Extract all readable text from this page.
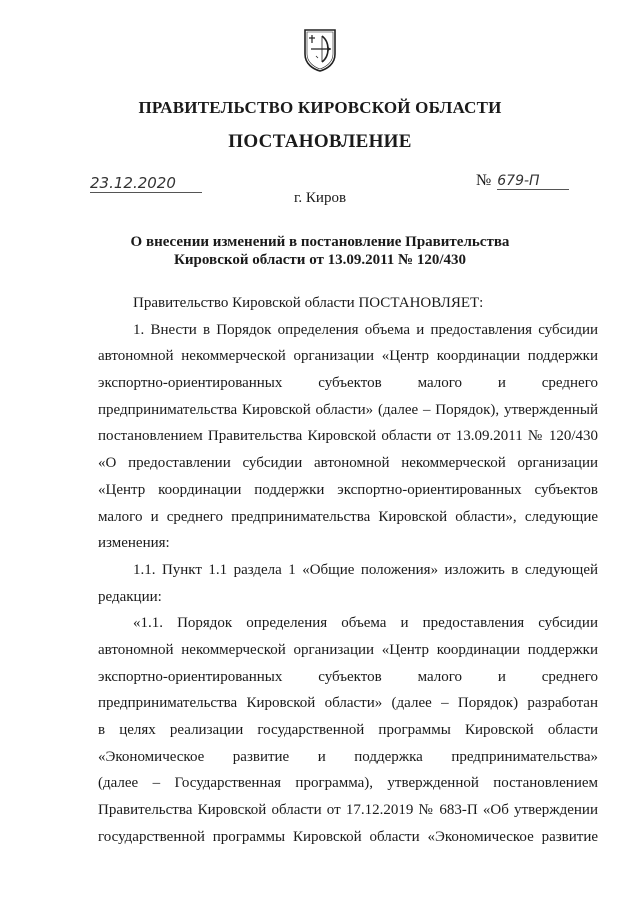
ПРАВИТЕЛЬСТВО КИРОВСКОЙ ОБЛАСТИ
ПОСТАНОВЛЕНИЕ
23.12.2020	№ 679-П
г. Киров
О внесении изменений в постановление Правительства
Кировской области от 13.09.2011 № 120/430
Правительство Кировской области ПОСТАНОВЛЯЕТ:
1. Внести в Порядок определения объема и предоставления субсидии
автономной некоммерческой организации «Центр координации поддержки
экспортно-ориентированных субъектов малого и среднего
предпринимательства Кировской области» (далее – Порядок), утвержденный
постановлением Правительства Кировской области от 13.09.2011 № 120/430
«О предоставлении субсидии автономной некоммерческой организации
«Центр координации поддержки экспортно-ориентированных субъектов
малого и среднего предпринимательства Кировской области», следующие
изменения:
1.1. Пункт 1.1 раздела 1 «Общие положения» изложить в следующей
редакции:
«1.1. Порядок определения объема и предоставления субсидии
автономной некоммерческой организации «Центр координации поддержки
экспортно-ориентированных субъектов малого и среднего
предпринимательства Кировской области» (далее – Порядок) разработан
в целях реализации государственной программы Кировской области
«Экономическое развитие и поддержка предпринимательства»
(далее – Государственная программа), утвержденной постановлением
Правительства Кировской области от 17.12.2019 № 683-П «Об утверждении
государственной программы Кировской области «Экономическое развитие
